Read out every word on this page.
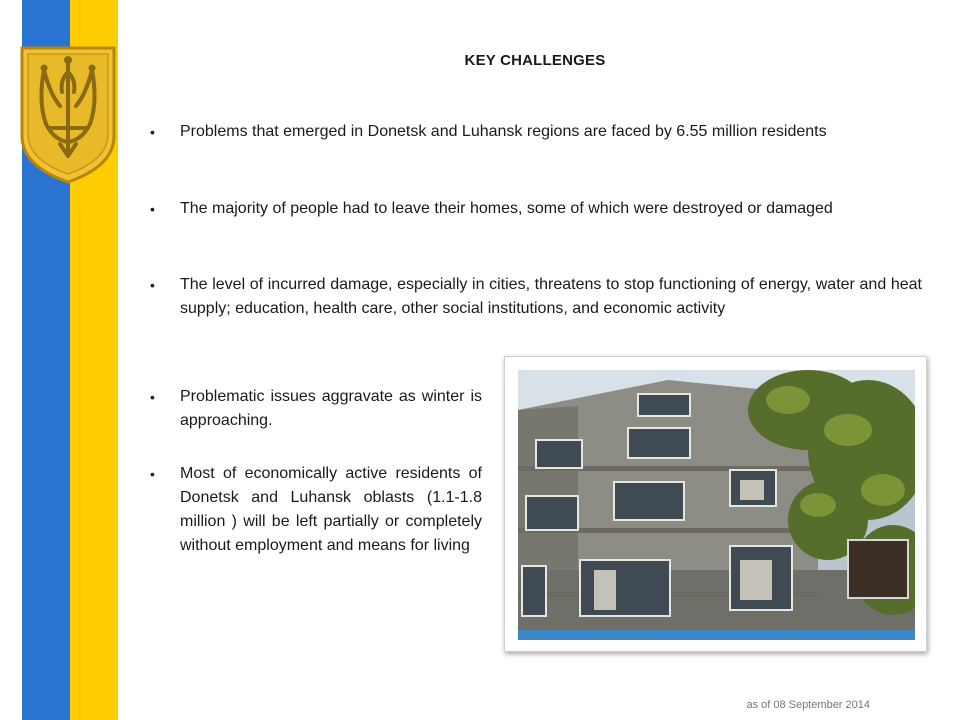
KEY CHALLENGES
• Problems that emerged in Donetsk and Luhansk regions are faced by 6.55 million residents
• The majority of people had to leave their homes, some of which were destroyed or damaged
• The level of incurred damage, especially in cities, threatens to stop functioning of energy, water and heat supply; education, health care, other social institutions, and economic activity
• Problematic issues aggravate as winter is approaching.
• Most of economically active residents of Donetsk and Luhansk oblasts (1.1-1.8 million ) will be left partially or completely without employment and means for living
as of 08 September 2014
